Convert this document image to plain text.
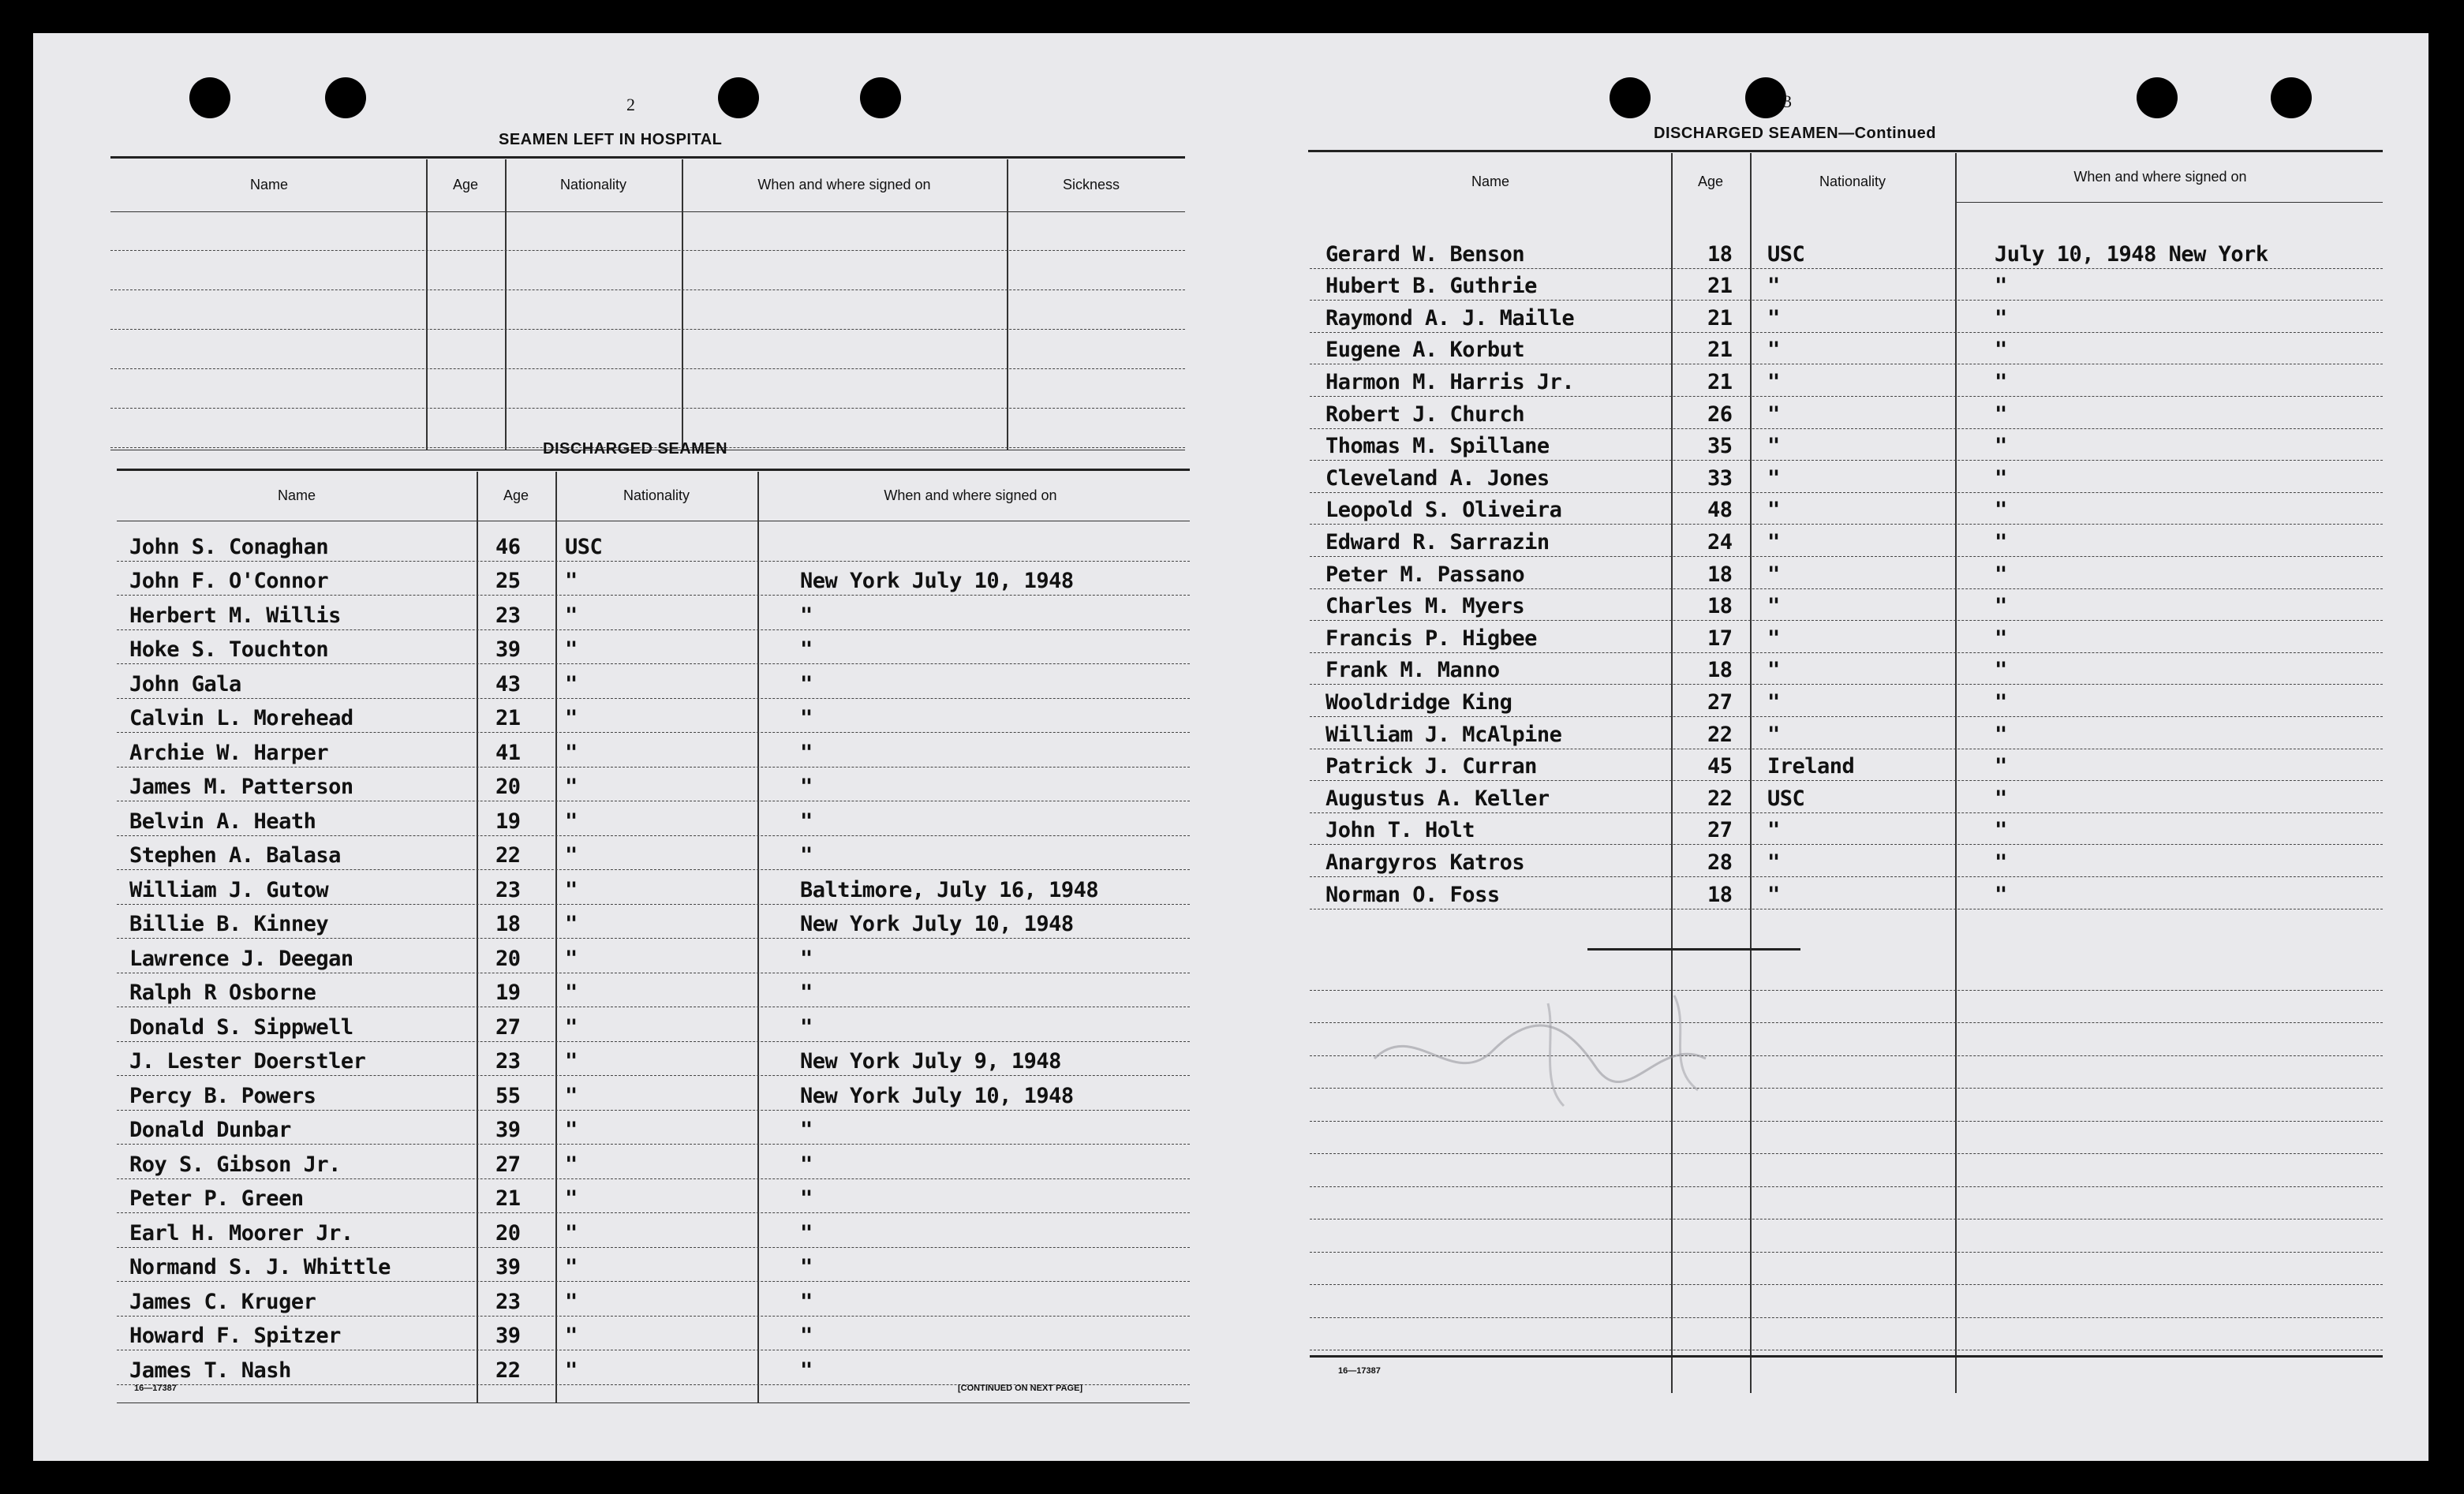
2
SEAMEN LEFT IN HOSPITAL
Name	Age	Nationality	When and where signed on	Sickness
DISCHARGED SEAMEN
Name	Age	Nationality	When and where signed on
John S. Conaghan	46 USC
John F. O'Connor	25 "	New York July 10, 1948
Herbert M. Willis	23 "	"
Hoke S. Touchton	39 "	"
John Gala	43 "	"
Calvin L. Morehead	21 "	"
Archie W. Harper	41 "	"
James M. Patterson	20 "	"
Belvin A. Heath	19 "	"
Stephen A. Balasa	22 "	"
William J. Gutow	23 "	Baltimore, July 16, 1948
Billie B. Kinney	18 "	New York July 10, 1948
Lawrence J. Deegan	20 "	"
Ralph R Osborne	19 "	"
Donald S. Sippwell	27 "	"
J. Lester Doerstler	23 "	New York July 9, 1948
Percy B. Powers	55 "	New York July 10, 1948
Donald Dunbar	39 "	"
Roy S. Gibson Jr.	27 "	"
Peter P. Green	21 "	"
Earl H. Moorer Jr.	20 "	"
Normand S. J. Whittle	39 "	"
James C. Kruger	23 "	"
Howard F. Spitzer	39 "	"
James T. Nash	22 "	"
16—17387	[CONTINUED ON NEXT PAGE]
3
DISCHARGED SEAMEN—Continued
Name	Age	Nationality	When and where signed on
Gerard W. Benson	18 USC	July 10, 1948 New York
Hubert B. Guthrie	21 "	"
Raymond A. J. Maille	21 "	"
Eugene A. Korbut	21 "	"
Harmon M. Harris Jr.	21 "	"
Robert J. Church	26 "	"
Thomas M. Spillane	35 "	"
Cleveland A. Jones	33 "	"
Leopold S. Oliveira	48 "	"
Edward R. Sarrazin	24 "	"
Peter M. Passano	18 "	"
Charles M. Myers	18 "	"
Francis P. Higbee	17 "	"
Frank M. Manno	18 "	"
Wooldridge King	27 "	"
William J. McAlpine	22 "	"
Patrick J. Curran	45 Ireland	"
Augustus A. Keller	22 USC	"
John T. Holt	27 "	"
Anargyros Katros	28 "	"
Norman O. Foss	18 "	"
16—17387
